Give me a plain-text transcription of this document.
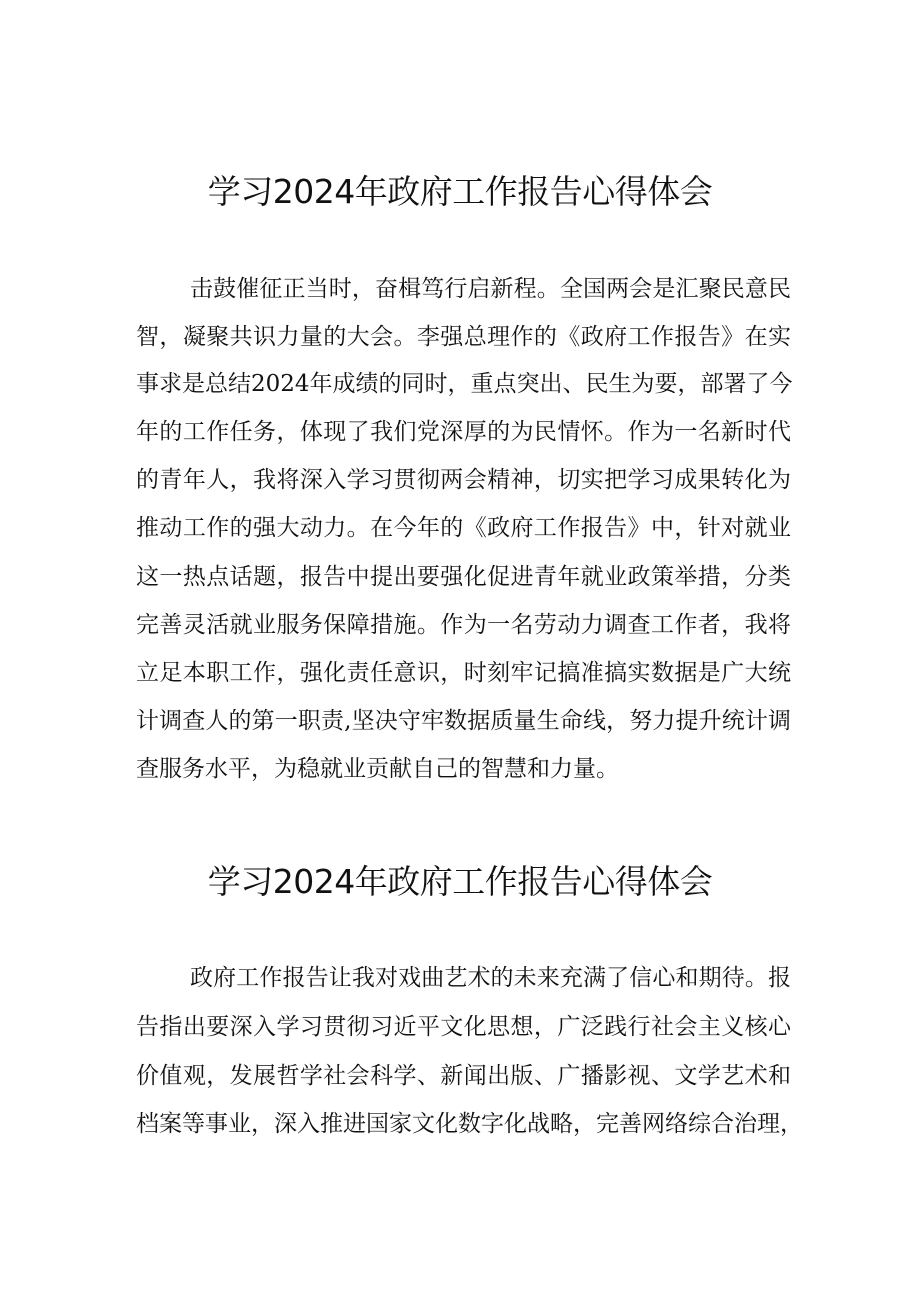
学习2024年政府工作报告心得体会
击鼓催征正当时，奋楫笃行启新程。全国两会是汇聚民意民
智，凝聚共识力量的大会。李强总理作的《政府工作报告》在实
事求是总结2024年成绩的同时，重点突出、民生为要，部署了今
年的工作任务，体现了我们党深厚的为民情怀。作为一名新时代
的青年人，我将深入学习贯彻两会精神，切实把学习成果转化为
推动工作的强大动力。在今年的《政府工作报告》中，针对就业
这一热点话题，报告中提出要强化促进青年就业政策举措，分类
完善灵活就业服务保障措施。作为一名劳动力调查工作者，我将
立足本职工作，强化责任意识，时刻牢记搞准搞实数据是广大统
计调查人的第一职责,坚决守牢数据质量生命线，努力提升统计调
查服务水平，为稳就业贡献自己的智慧和力量。
学习2024年政府工作报告心得体会
政府工作报告让我对戏曲艺术的未来充满了信心和期待。报
告指出要深入学习贯彻习近平文化思想，广泛践行社会主义核心
价值观，发展哲学社会科学、新闻出版、广播影视、文学艺术和
档案等事业，深入推进国家文化数字化战略，完善网络综合治理，
